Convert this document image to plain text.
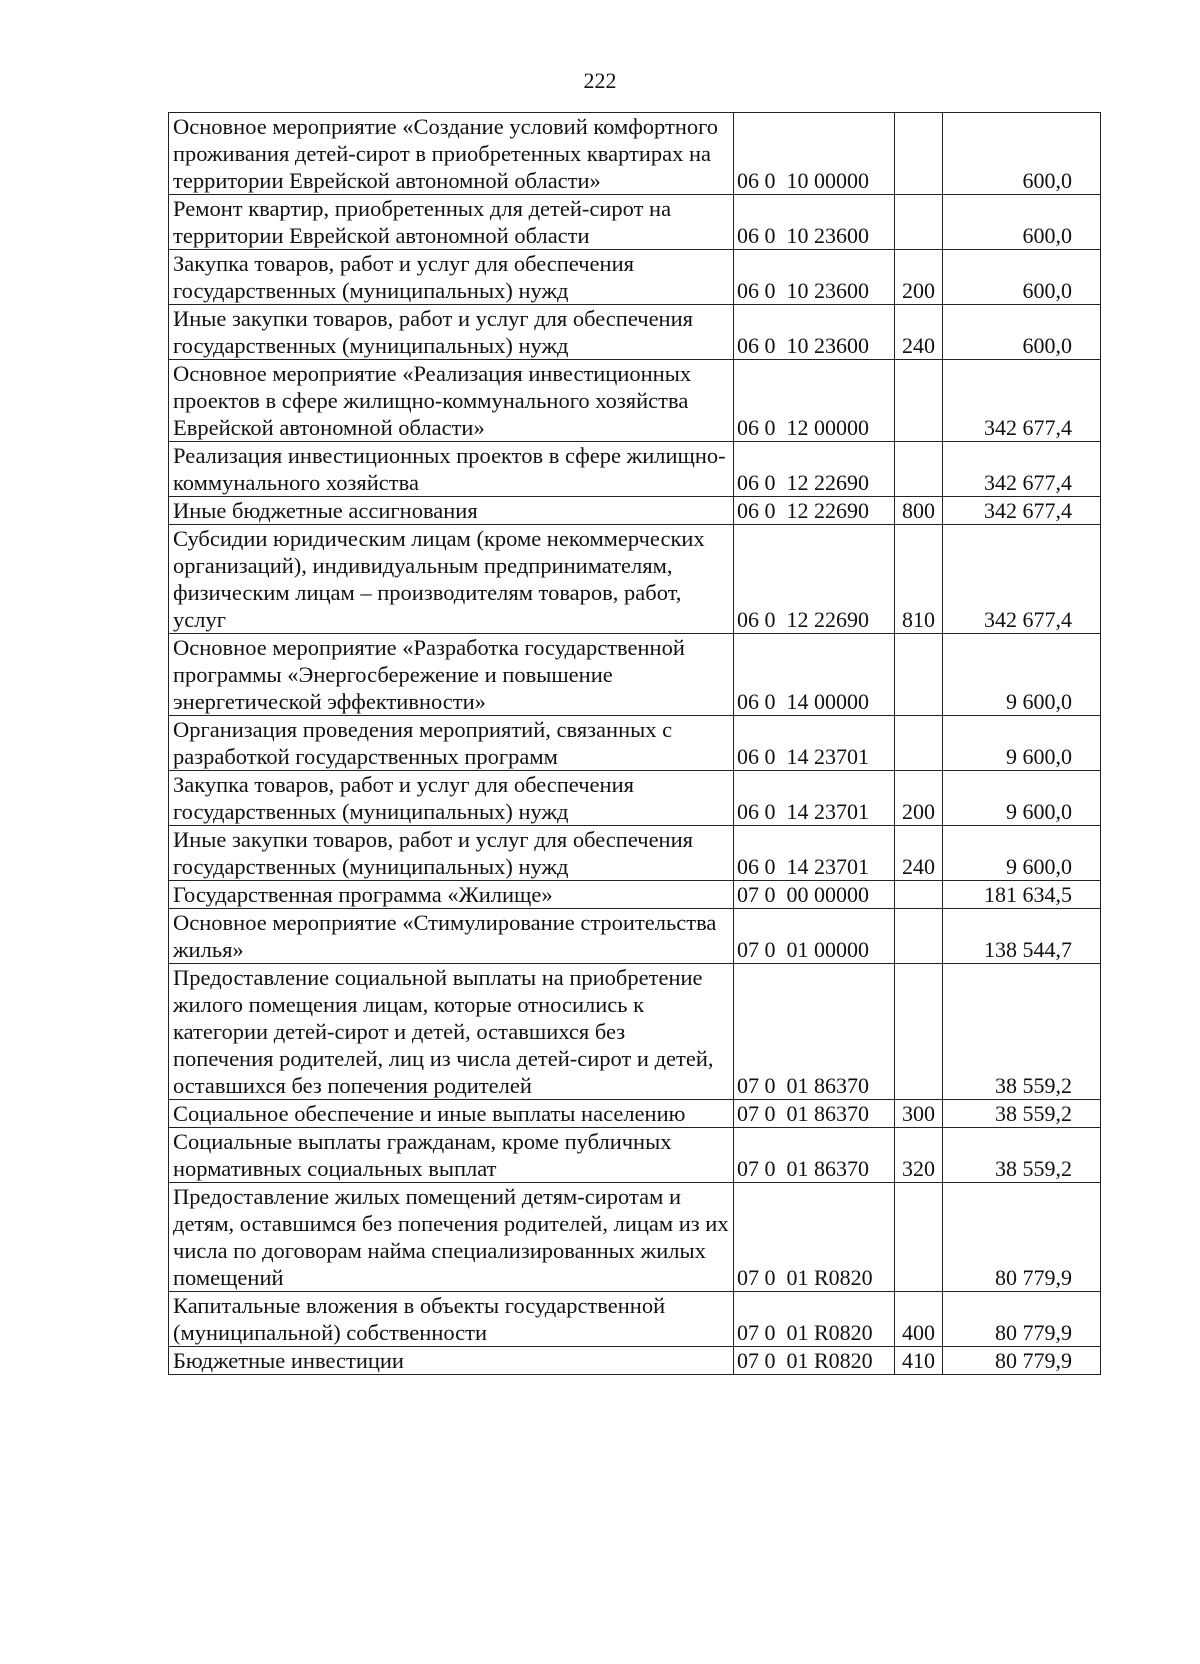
222
Основное мероприятие «Создание условий комфортного проживания детей-сирот в приобретенных квартирах на территории Еврейской автономной области»	06 0  10 00000		600,0
Ремонт квартир, приобретенных для детей-сирот на территории Еврейской автономной области	06 0  10 23600		600,0
Закупка товаров, работ и услуг для обеспечения государственных (муниципальных) нужд	06 0  10 23600	200	600,0
Иные закупки товаров, работ и услуг для обеспечения государственных (муниципальных) нужд	06 0  10 23600	240	600,0
Основное мероприятие «Реализация инвестиционных проектов в сфере жилищно-коммунального хозяйства Еврейской автономной области»	06 0  12 00000		342 677,4
Реализация инвестиционных проектов в сфере жилищно-коммунального хозяйства	06 0  12 22690		342 677,4
Иные бюджетные ассигнования	06 0  12 22690	800	342 677,4
Субсидии юридическим лицам (кроме некоммерческих организаций), индивидуальным предпринимателям, физическим лицам – производителям товаров, работ, услуг	06 0  12 22690	810	342 677,4
Основное мероприятие «Разработка государственной программы «Энергосбережение и повышение энергетической эффективности»	06 0  14 00000		9 600,0
Организация проведения мероприятий, связанных с разработкой государственных программ	06 0  14 23701		9 600,0
Закупка товаров, работ и услуг для обеспечения государственных (муниципальных) нужд	06 0  14 23701	200	9 600,0
Иные закупки товаров, работ и услуг для обеспечения государственных (муниципальных) нужд	06 0  14 23701	240	9 600,0
Государственная программа «Жилище»	07 0  00 00000		181 634,5
Основное мероприятие «Стимулирование строительства жилья»	07 0  01 00000		138 544,7
Предоставление социальной выплаты на приобретение жилого помещения лицам, которые относились к категории детей-сирот и детей, оставшихся без попечения родителей, лиц из числа детей-сирот и детей, оставшихся без попечения родителей	07 0  01 86370		38 559,2
Социальное обеспечение и иные выплаты населению	07 0  01 86370	300	38 559,2
Социальные выплаты гражданам, кроме публичных нормативных социальных выплат	07 0  01 86370	320	38 559,2
Предоставление жилых помещений детям-сиротам и детям, оставшимся без попечения родителей, лицам из их числа по договорам найма специализированных жилых помещений	07 0  01 R0820		80 779,9
Капитальные вложения в объекты государственной (муниципальной) собственности	07 0  01 R0820	400	80 779,9
Бюджетные инвестиции	07 0  01 R0820	410	80 779,9
